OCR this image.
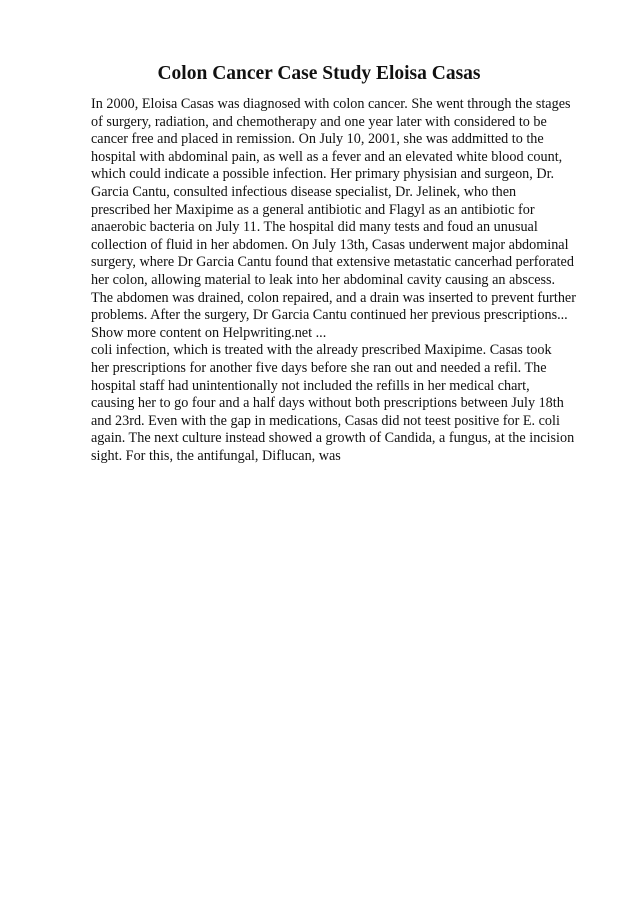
Colon Cancer Case Study Eloisa Casas

In 2000, Eloisa Casas was diagnosed with colon cancer. She went through the stages
of surgery, radiation, and chemotherapy and one year later with considered to be
cancer free and placed in remission. On July 10, 2001, she was addmitted to the
hospital with abdominal pain, as well as a fever and an elevated white blood count,
which could indicate a possible infection. Her primary physisian and surgeon, Dr.
Garcia Cantu, consulted infectious disease specialist, Dr. Jelinek, who then
prescribed her Maxipime as a general antibiotic and Flagyl as an antibiotic for
anaerobic bacteria on July 11. The hospital did many tests and foud an unusual
collection of fluid in her abdomen. On July 13th, Casas underwent major abdominal
surgery, where Dr Garcia Cantu found that extensive metastatic cancerhad perforated
her colon, allowing material to leak into her abdominal cavity causing an abscess.
The abdomen was drained, colon repaired, and a drain was inserted to prevent further
problems. After the surgery, Dr Garcia Cantu continued her previous prescriptions...
Show more content on Helpwriting.net ...
coli infection, which is treated with the already prescribed Maxipime. Casas took
her prescriptions for another five days before she ran out and needed a refil. The
hospital staff had unintentionally not included the refills in her medical chart,
causing her to go four and a half days without both prescriptions between July 18th
and 23rd. Even with the gap in medications, Casas did not teest positive for E. coli
again. The next culture instead showed a growth of Candida, a fungus, at the incision
sight. For this, the antifungal, Diflucan, was
